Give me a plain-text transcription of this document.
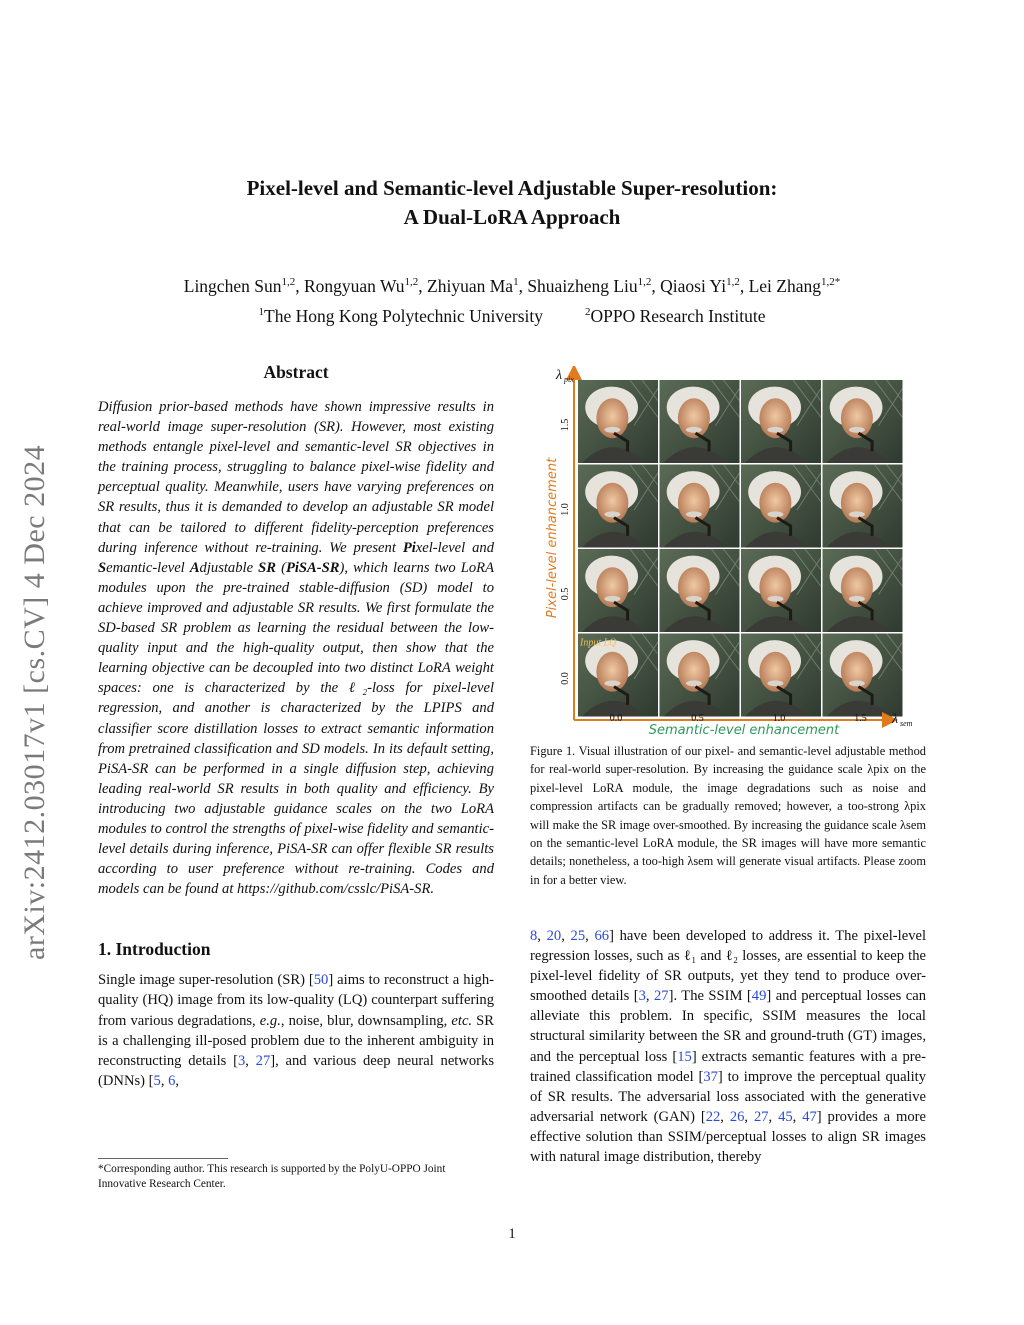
arXiv:2412.03017v1 [cs.CV] 4 Dec 2024
Pixel-level and Semantic-level Adjustable Super-resolution:
A Dual-LoRA Approach
Lingchen Sun$^{1,2}$, Rongyuan Wu$^{1,2}$, Zhiyuan Ma$^1$, Shuaizheng Liu$^{1,2}$, Qiaosi Yi$^{1,2}$, Lei Zhang$^{1,2*}$
$^1$The Hong Kong Polytechnic University	$^2$OPPO Research Institute
Abstract

Diffusion prior-based methods have shown impressive results in real-world image super-resolution (SR). However, most existing methods entangle pixel-level and semantic-level SR objectives in the training process, struggling to balance pixel-wise fidelity and perceptual quality. Meanwhile, users have varying preferences on SR results, thus it is demanded to develop an adjustable SR model that can be tailored to different fidelity-perception preferences during inference without re-training. We present Pixel-level and Semantic-level Adjustable SR (PiSA-SR), which learns two LoRA modules upon the pre-trained stable-diffusion (SD) model to achieve improved and adjustable SR results. We first formulate the SD-based SR problem as learning the residual between the low-quality input and the high-quality output, then show that the learning objective can be decoupled into two distinct LoRA weight spaces: one is characterized by the ℓ₂-loss for pixel-level regression, and another is characterized by the LPIPS and classifier score distillation losses to extract semantic information from pretrained classification and SD models. In its default setting, PiSA-SR can be performed in a single diffusion step, achieving leading real-world SR results in both quality and efficiency. By introducing two adjustable guidance scales on the two LoRA modules to control the strengths of pixel-wise fidelity and semantic-level details during inference, PiSA-SR can offer flexible SR results according to user preference without re-training. Codes and models can be found at https://github.com/csslc/PiSA-SR.

1. Introduction

Single image super-resolution (SR) [50] aims to reconstruct a high-quality (HQ) image from its low-quality (LQ) counterpart suffering from various degradations, e.g., noise, blur, downsampling, etc. SR is a challenging ill-posed problem due to the inherent ambiguity in reconstructing details [3, 27], and various deep neural networks (DNNs) [5, 6,

*Corresponding author. This research is supported by the PolyU-OPPO Joint Innovative Research Center.
Input LQ
λ pix
λ sem
0.0	0.5	1.0	1.5
1.5
1.0
0.5
0.0
Pixel-level enhancement
Semantic-level enhancement
Figure 1. Visual illustration of our pixel- and semantic-level adjustable method for real-world super-resolution. By increasing the guidance scale λpix on the pixel-level LoRA module, the image degradations such as noise and compression artifacts can be gradually removed; however, a too-strong λpix will make the SR image over-smoothed. By increasing the guidance scale λsem on the semantic-level LoRA module, the SR images will have more semantic details; nonetheless, a too-high λsem will generate visual artifacts. Please zoom in for a better view.
8, 20, 25, 66] have been developed to address it. The pixel-level regression losses, such as ℓ₁ and ℓ₂ losses, are essential to keep the pixel-level fidelity of SR outputs, yet they tend to produce over-smoothed details [3, 27]. The SSIM [49] and perceptual losses can alleviate this problem. In specific, SSIM measures the local structural similarity between the SR and ground-truth (GT) images, and the perceptual loss [15] extracts semantic features with a pre-trained classification model [37] to improve the perceptual quality of SR results. The adversarial loss associated with the generative adversarial network (GAN) [22, 26, 27, 45, 47] provides a more effective solution than SSIM/perceptual losses to align SR images with natural image distribution, thereby
1
